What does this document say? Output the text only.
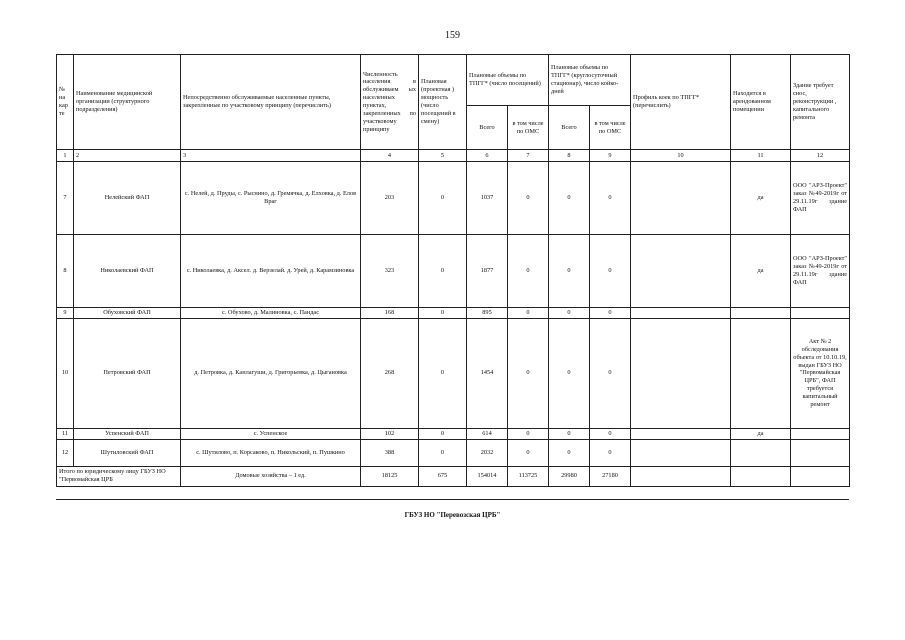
159
№
на
кар
те	Наименование медицинской организации (структурного подразделения)	Непосредственно обслуживаемые населенные пункты, закрепленные по участковому принципу (перечислить)	Численность населения в обслуживаем ых населенных пунктах, закрепленных по участковому принципу	Плановая (проектная ) мощность (число посещений в смену)	Плановые объемы по ТПГГ* (число посещений)		Плановые объемы по ТПГГ* (круглосуточный стационар), число койко-дней		Профиль коек по ТПГГ* (перечислить)	Находится в арендованном помещении	Здание требует снос, реконструкции , капитального ремонта
					Всего	в том числе по ОМС	Всего	в том числе по ОМС			
1	2	3	4	5	6	7	8	9	10	11	12
7	Нелейский ФАП	с. Нелей, д. Пруды, с. Рыснино, д. Гремячка, д. Елховка, д. Елов Враг	203	0	1037	0	0	0		да	ООО "АРЗ-Проект" заказ №49-2019г от 29.11.19г здание ФАП
8	Николаевский ФАП	с. Николаевка, д. Аксел. д. Верзелай. д. Урей, д. Карамзиновка	323	0	1877	0	0	0		да	ООО "АРЗ-Проект" заказ №49-2019г от 29.11.19г здание ФАП
9	Обуховский ФАП	с. Обухово, д. Малиновка, с. Пандас	168	0	895	0	0	0			
10	Петровский ФАП	д. Петровка, д. Канлагуши, д. Григорьевка, д. Цыгановка	268	0	1454	0	0	0			Акт № 2 обследования объекта от 10.10.19, выдан ГБУЗ НО "Первомайская ЦРБ", ФАП требуется капитальный ремонт
11	Успенский ФАП	с. Успенское	102	0	614	0	0	0		да	
12	Шутиловский ФАП	с. Шутилово, п. Корсаково, п. Никольский, п. Пушкино	388	0	2032	0	0	0			
Итого по юридическому лицу ГБУЗ НО "Первомайская ЦРБ		Домовые хозяйства – 1 ед.	18125	675	154014	113725	29980	27180			
ГБУЗ НО "Перевозская ЦРБ"
